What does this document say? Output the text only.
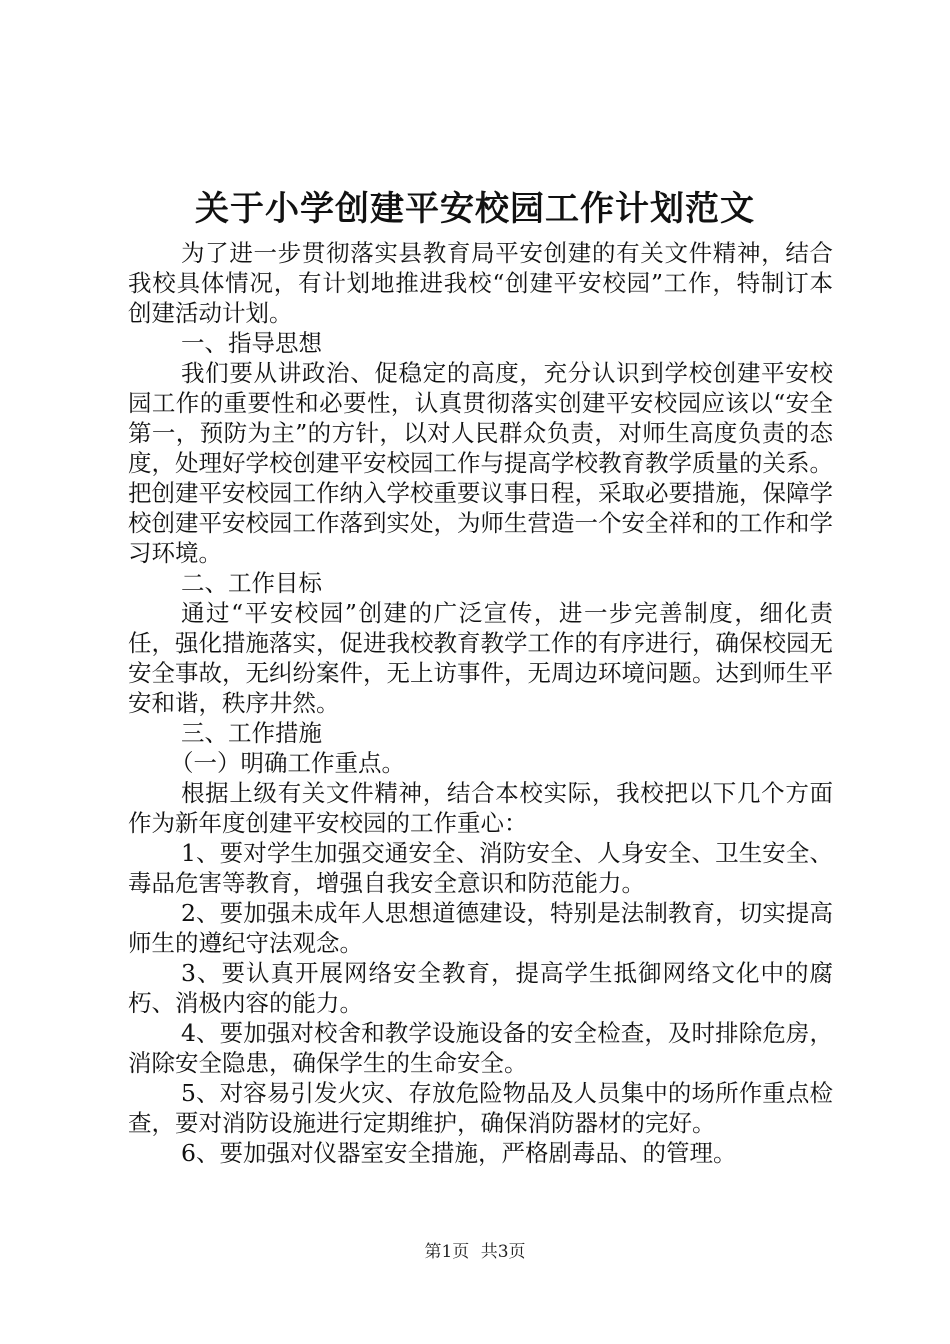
关于小学创建平安校园工作计划范文

为了进一步贯彻落实县教育局平安创建的有关文件精神，结合我校具体情况，有计划地推进我校“创建平安校园”工作，特制订本创建活动计划。

一、指导思想

我们要从讲政治、促稳定的高度，充分认识到学校创建平安校园工作的重要性和必要性，认真贯彻落实创建平安校园应该以“安全第一，预防为主”的方针，以对人民群众负责，对师生高度负责的态度，处理好学校创建平安校园工作与提高学校教育教学质量的关系。把创建平安校园工作纳入学校重要议事日程，采取必要措施，保障学校创建平安校园工作落到实处，为师生营造一个安全祥和的工作和学习环境。

二、工作目标

通过“平安校园”创建的广泛宣传，进一步完善制度，细化责任，强化措施落实，促进我校教育教学工作的有序进行，确保校园无安全事故，无纠纷案件，无上访事件，无周边环境问题。达到师生平安和谐，秩序井然。

三、工作措施

（一）明确工作重点。

根据上级有关文件精神，结合本校实际，我校把以下几个方面作为新年度创建平安校园的工作重心：

1、要对学生加强交通安全、消防安全、人身安全、卫生安全、毒品危害等教育，增强自我安全意识和防范能力。

2、要加强未成年人思想道德建设，特别是法制教育，切实提高师生的遵纪守法观念。

3、要认真开展网络安全教育，提高学生抵御网络文化中的腐朽、消极内容的能力。

4、要加强对校舍和教学设施设备的安全检查，及时排除危房，消除安全隐患，确保学生的生命安全。

5、对容易引发火灾、存放危险物品及人员集中的场所作重点检查，要对消防设施进行定期维护，确保消防器材的完好。

6、要加强对仪器室安全措施，严格剧毒品、的管理。

第1页 共3页
